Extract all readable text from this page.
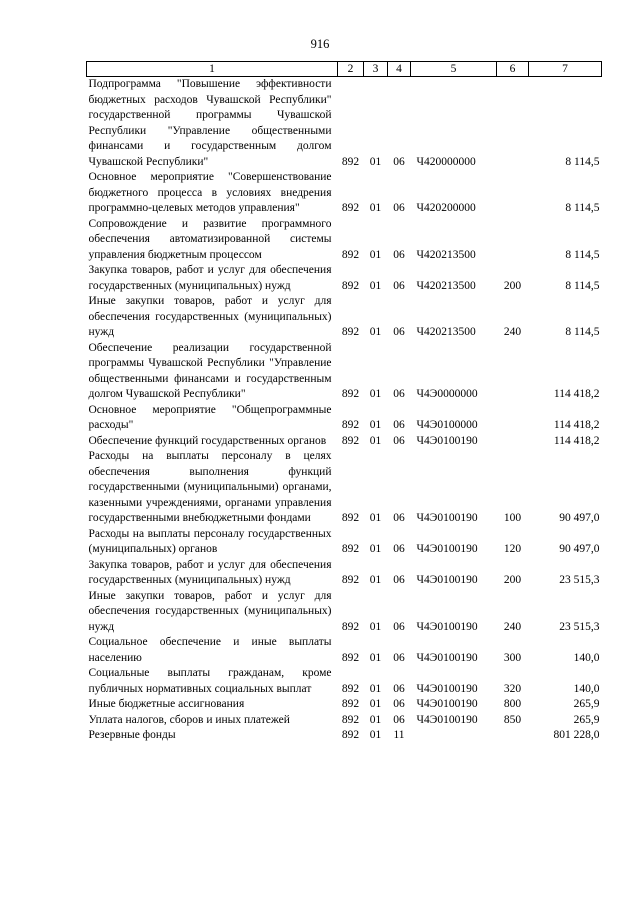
916
1	2	3	4	5	6	7
Подпрограмма "Повышение эффективности бюджетных расходов Чувашской Республики" государственной программы Чувашской Республики "Управление общественными финансами и государственным долгом Чувашской Республики"	892	01	06	Ч420000000		8 114,5
Основное мероприятие "Совершенствование бюджетного процесса в условиях внедрения программно-целевых методов управления"	892	01	06	Ч420200000		8 114,5
Сопровождение и развитие программного обеспечения автоматизированной системы управления бюджетным процессом	892	01	06	Ч420213500		8 114,5
Закупка товаров, работ и услуг для обеспечения государственных (муниципальных) нужд	892	01	06	Ч420213500	200	8 114,5
Иные закупки товаров, работ и услуг для обеспечения государственных (муниципальных) нужд	892	01	06	Ч420213500	240	8 114,5
Обеспечение реализации государственной программы Чувашской Республики "Управление общественными финансами и государственным долгом Чувашской Республики"	892	01	06	Ч4Э0000000		114 418,2
Основное мероприятие "Общепрограммные расходы"	892	01	06	Ч4Э0100000		114 418,2
Обеспечение функций государственных органов	892	01	06	Ч4Э0100190		114 418,2
Расходы на выплаты персоналу в целях обеспечения выполнения функций государственными (муниципальными) органами, казенными учреждениями, органами управления государственными внебюджетными фондами	892	01	06	Ч4Э0100190	100	90 497,0
Расходы на выплаты персоналу государственных (муниципальных) органов	892	01	06	Ч4Э0100190	120	90 497,0
Закупка товаров, работ и услуг для обеспечения государственных (муниципальных) нужд	892	01	06	Ч4Э0100190	200	23 515,3
Иные закупки товаров, работ и услуг для обеспечения государственных (муниципальных) нужд	892	01	06	Ч4Э0100190	240	23 515,3
Социальное обеспечение и иные выплаты населению	892	01	06	Ч4Э0100190	300	140,0
Социальные выплаты гражданам, кроме публичных нормативных социальных выплат	892	01	06	Ч4Э0100190	320	140,0
Иные бюджетные ассигнования	892	01	06	Ч4Э0100190	800	265,9
Уплата налогов, сборов и иных платежей	892	01	06	Ч4Э0100190	850	265,9
Резервные фонды	892	01	11			801 228,0
